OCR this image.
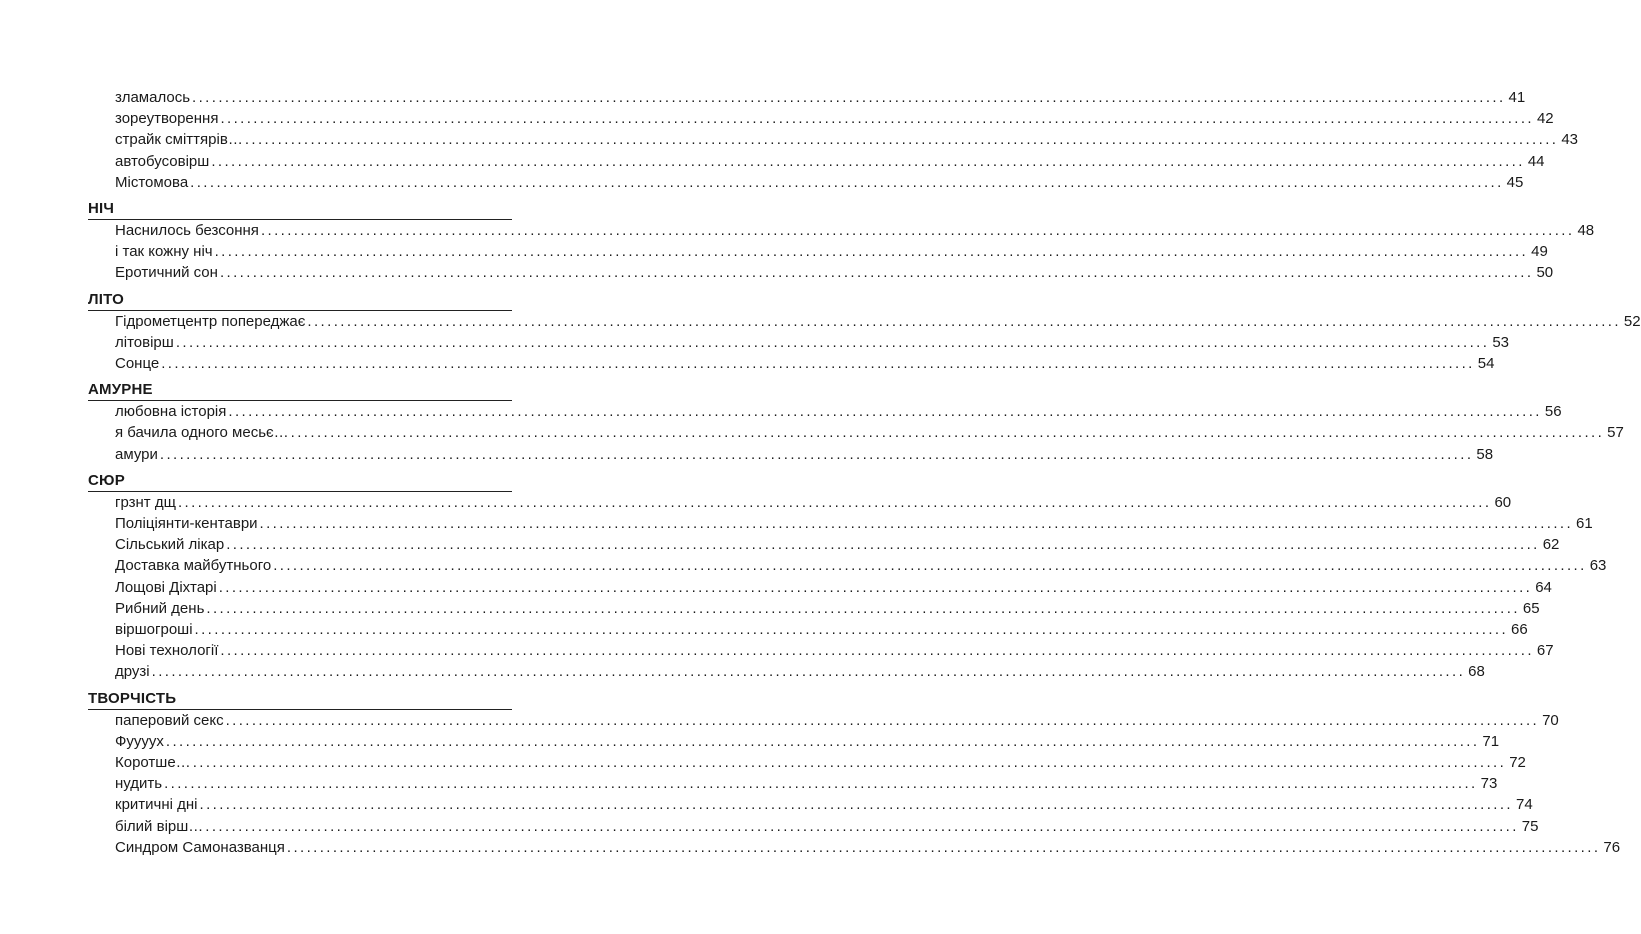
зламалось ........................................................................................................................................................................................................ 41
зореутворення ........................................................................................................................................................................................................ 42
страйк сміттярів… ........................................................................................................................................................................................................ 43
автобусовірш ........................................................................................................................................................................................................ 44
Містомова ........................................................................................................................................................................................................ 45
НІЧ
Наснилось безсоння ........................................................................................................................................................................................................ 48
і так кожну ніч ........................................................................................................................................................................................................ 49
Еротичний сон ........................................................................................................................................................................................................ 50
ЛІТО
Гідрометцентр попереджає ........................................................................................................................................................................................................ 52
літовірш ........................................................................................................................................................................................................ 53
Сонце ........................................................................................................................................................................................................ 54
АМУРНЕ
любовна історія ........................................................................................................................................................................................................ 56
я бачила одного месьє… ........................................................................................................................................................................................................ 57
амури ........................................................................................................................................................................................................ 58
СЮР
грзнт дщ ........................................................................................................................................................................................................ 60
Поліціянти-кентаври ........................................................................................................................................................................................................ 61
Сільський лікар ........................................................................................................................................................................................................ 62
Доставка майбутнього ........................................................................................................................................................................................................ 63
Лощові Діхтарі ........................................................................................................................................................................................................ 64
Рибний день ........................................................................................................................................................................................................ 65
віршогроші ........................................................................................................................................................................................................ 66
Нові технології ........................................................................................................................................................................................................ 67
друзі ........................................................................................................................................................................................................ 68
ТВОРЧІСТЬ
паперовий секс ........................................................................................................................................................................................................ 70
Фууууx ........................................................................................................................................................................................................ 71
Коротше… ........................................................................................................................................................................................................ 72
нудить ........................................................................................................................................................................................................ 73
критичні дні ........................................................................................................................................................................................................ 74
білий вірш… ........................................................................................................................................................................................................ 75
Синдром Самоназванця ........................................................................................................................................................................................................ 76
